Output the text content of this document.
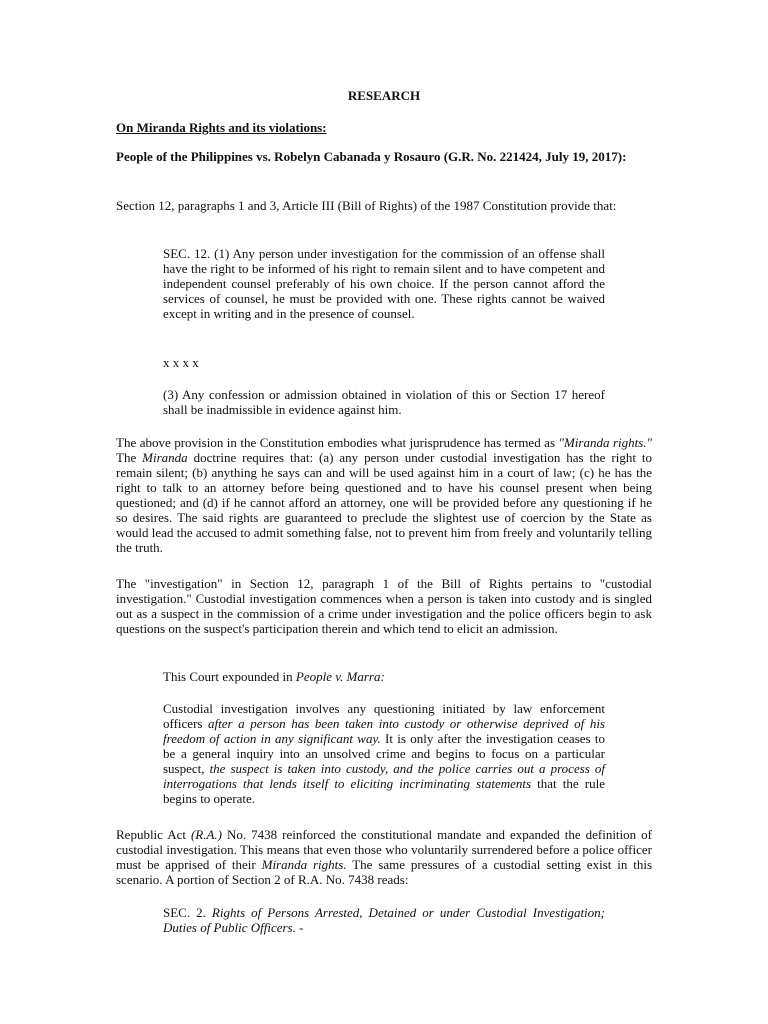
RESEARCH
On Miranda Rights and its violations:
People of the Philippines vs. Robelyn Cabanada y Rosauro (G.R. No. 221424, July 19, 2017):

Section 12, paragraphs 1 and 3, Article III (Bill of Rights) of the 1987 Constitution provide that:

SEC. 12. (1) Any person under investigation for the commission of an offense shall have the right to be informed of his right to remain silent and to have competent and independent counsel preferably of his own choice. If the person cannot afford the services of counsel, he must be provided with one. These rights cannot be waived except in writing and in the presence of counsel.

x x x x

(3) Any confession or admission obtained in violation of this or Section 17 hereof shall be inadmissible in evidence against him.

The above provision in the Constitution embodies what jurisprudence has termed as "Miranda rights." The Miranda doctrine requires that: (a) any person under custodial investigation has the right to remain silent; (b) anything he says can and will be used against him in a court of law; (c) he has the right to talk to an attorney before being questioned and to have his counsel present when being questioned; and (d) if he cannot afford an attorney, one will be provided before any questioning if he so desires. The said rights are guaranteed to preclude the slightest use of coercion by the State as would lead the accused to admit something false, not to prevent him from freely and voluntarily telling the truth.

The "investigation" in Section 12, paragraph 1 of the Bill of Rights pertains to "custodial investigation." Custodial investigation commences when a person is taken into custody and is singled out as a suspect in the commission of a crime under investigation and the police officers begin to ask questions on the suspect's participation therein and which tend to elicit an admission.

This Court expounded in People v. Marra:

Custodial investigation involves any questioning initiated by law enforcement officers after a person has been taken into custody or otherwise deprived of his freedom of action in any significant way. It is only after the investigation ceases to be a general inquiry into an unsolved crime and begins to focus on a particular suspect, the suspect is taken into custody, and the police carries out a process of interrogations that lends itself to eliciting incriminating statements that the rule begins to operate.

Republic Act (R.A.) No. 7438 reinforced the constitutional mandate and expanded the definition of custodial investigation. This means that even those who voluntarily surrendered before a police officer must be apprised of their Miranda rights. The same pressures of a custodial setting exist in this scenario. A portion of Section 2 of R.A. No. 7438 reads:

SEC. 2. Rights of Persons Arrested, Detained or under Custodial Investigation; Duties of Public Officers. -
